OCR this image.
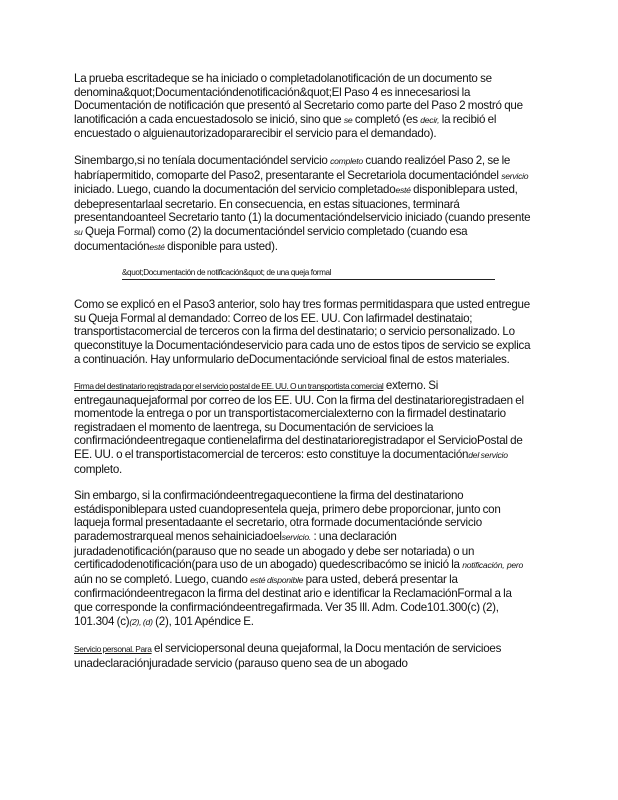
La prueba escritadeque se ha iniciado o completadolanotificación de un documento se denomina&quot;Documentacióndenotificación&quot;El Paso 4 es innecesariosi la Documentación de notificación que presentó al Secretario como parte del Paso 2 mostró que lanotificación a cada encuestadosolo se inició, sino que se completó (es decir, la recibió el encuestado o alguienautorizadopararecibir el servicio para el demandado).

Sinembargo,si no teníala documentacióndel servicio completo cuando realizóel Paso 2, se le habríapermitido, comoparte del Paso2, presentarante el Secretariola documentacióndel servicio iniciado. Luego, cuando la documentación del servicio completadoesté disponiblepara usted, debepresentarlaal secretario. En consecuencia, en estas situaciones, terminará presentandoanteel Secretario tanto (1) la documentacióndelservicio iniciado (cuando presente su Queja Formal) como (2) la documentacióndel servicio completado (cuando esa documentaciónesté disponible para usted).

&quot;Documentación de notificación&quot; de una queja formal

Como se explicó en el Paso3 anterior, solo hay tres formas permitidaspara que usted entregue su Queja Formal al demandado: Correo de los EE. UU. Con lafirmadel destinataio; transportistacomercial de terceros con la firma del destinatario; o servicio personalizado. Lo queconstituye la Documentacióndeservicio para cada uno de estos tipos de servicio se explica a continuación. Hay unformulario deDocumentaciónde servicioal final de estos materiales.

Firma del destinatario registrada por el servicio postal de EE. UU. O un transportista comercial externo. Si entregaunaquejaformal por correo de los EE. UU. Con la firma del destinatarioregistradaen el momentode la entrega o por un transportistacomercialexterno con la firmadel destinatario registradaen el momento de laentrega, su Documentación de servicioes la confirmacióndeentregaque contienelafirma del destinatarioregistradapor el ServicioPostal de EE. UU. o el transportistacomercial de terceros: esto constituye la documentacióndel servicio completo.

Sin embargo, si la confirmacióndeentregaquecontiene la firma del destinatariono estádisponiblepara usted cuandopresentela queja, primero debe proporcionar, junto con laqueja formal presentadaante el secretario, otra formade documentaciónde servicio parademostrarqueal menos sehainiciadoelservicio. : una declaración juradadenotificación(parauso que no seade un abogado y debe ser notariada) o un certificadodenotificación(para uso de un abogado) quedescribacómo se inició la notificación, pero aún no se completó. Luego, cuando esté disponible para usted, deberá presentar la confirmacióndeentregacon la firma del destinat ario e identificar la ReclamaciónFormal a la que corresponde la confirmacióndeentregafirmada. Ver 35 Ill. Adm. Code101.300(c) (2), 101.304 (c)(2), (d) (2), 101 Apéndice E.

Servicio personal. Para el serviciopersonal deuna quejaformal, la Docu mentación de servicioes unadeclaraciónjuradade servicio (parauso queno sea de un abogado
